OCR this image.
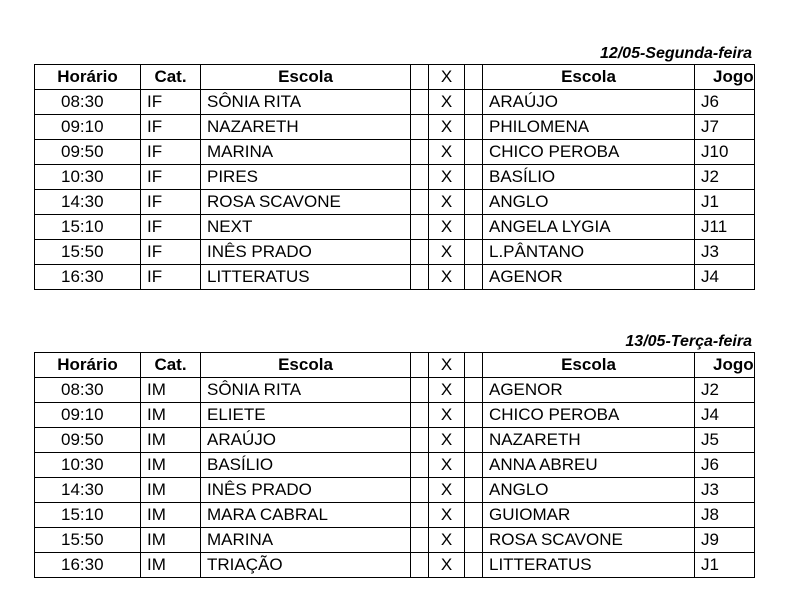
12/05-Segunda-feira
Horário	Cat.	Escola		X		Escola	Jogo
08:30	IF	SÔNIA RITA		X		ARAÚJO	J6
09:10	IF	NAZARETH		X		PHILOMENA	J7
09:50	IF	MARINA		X		CHICO PEROBA	J10
10:30	IF	PIRES		X		BASÍLIO	J2
14:30	IF	ROSA SCAVONE		X		ANGLO	J1
15:10	IF	NEXT		X		ANGELA LYGIA	J11
15:50	IF	INÊS PRADO		X		L.PÂNTANO	J3
16:30	IF	LITTERATUS		X		AGENOR	J4
13/05-Terça-feira
Horário	Cat.	Escola		X		Escola	Jogo
08:30	IM	SÔNIA RITA		X		AGENOR	J2
09:10	IM	ELIETE		X		CHICO PEROBA	J4
09:50	IM	ARAÚJO		X		NAZARETH	J5
10:30	IM	BASÍLIO		X		ANNA ABREU	J6
14:30	IM	INÊS PRADO		X		ANGLO	J3
15:10	IM	MARA CABRAL		X		GUIOMAR	J8
15:50	IM	MARINA		X		ROSA SCAVONE	J9
16:30	IM	TRIAÇÃO		X		LITTERATUS	J1
